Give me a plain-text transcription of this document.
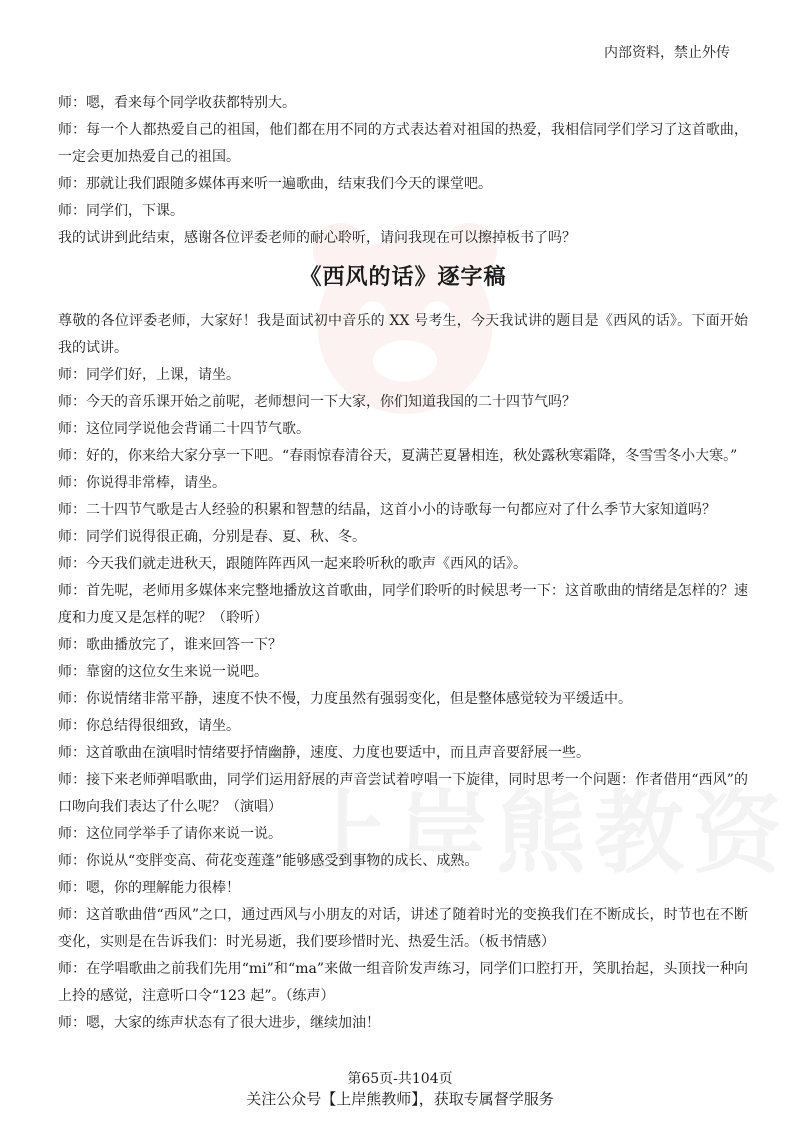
内部资料，禁止外传

师：嗯，看来每个同学收获都特别大。

师：每一个人都热爱自己的祖国，他们都在用不同的方式表达着对祖国的热爱，我相信同学们学习了这首歌曲，一定会更加热爱自己的祖国。

师：那就让我们跟随多媒体再来听一遍歌曲，结束我们今天的课堂吧。

师：同学们，下课。

我的试讲到此结束，感谢各位评委老师的耐心聆听，请问我现在可以擦掉板书了吗？

《西风的话》逐字稿

尊敬的各位评委老师，大家好！我是面试初中音乐的 XX 号考生，今天我试讲的题目是《西风的话》。下面开始我的试讲。

师：同学们好，上课，请坐。

师：今天的音乐课开始之前呢，老师想问一下大家，你们知道我国的二十四节气吗？

师：这位同学说他会背诵二十四节气歌。

师：好的，你来给大家分享一下吧。“春雨惊春清谷天，夏满芒夏暑相连，秋处露秋寒霜降，冬雪雪冬小大寒。”

师：你说得非常棒，请坐。

师：二十四节气歌是古人经验的积累和智慧的结晶，这首小小的诗歌每一句都应对了什么季节大家知道吗？

师：同学们说得很正确，分别是春、夏、秋、冬。

师：今天我们就走进秋天，跟随阵阵西风一起来聆听秋的歌声《西风的话》。

师：首先呢，老师用多媒体来完整地播放这首歌曲，同学们聆听的时候思考一下：这首歌曲的情绪是怎样的？速度和力度又是怎样的呢？（聆听）

师：歌曲播放完了，谁来回答一下？

师：靠窗的这位女生来说一说吧。

师：你说情绪非常平静，速度不快不慢，力度虽然有强弱变化，但是整体感觉较为平缓适中。

师：你总结得很细致，请坐。

师：这首歌曲在演唱时情绪要抒情幽静，速度、力度也要适中，而且声音要舒展一些。

师：接下来老师弹唱歌曲，同学们运用舒展的声音尝试着哼唱一下旋律，同时思考一个问题：作者借用“西风”的口吻向我们表达了什么呢？（演唱）

师：这位同学举手了请你来说一说。

师：你说从“变胖变高、荷花变莲蓬”能够感受到事物的成长、成熟。

师：嗯，你的理解能力很棒！

师：这首歌曲借“西风”之口，通过西风与小朋友的对话，讲述了随着时光的变换我们在不断成长，时节也在不断变化，实则是在告诉我们：时光易逝，我们要珍惜时光、热爱生活。（板书情感）

师：在学唱歌曲之前我们先用“mi”和“ma”来做一组音阶发声练习，同学们口腔打开，笑肌抬起，头顶找一种向上拎的感觉，注意听口令“123 起”。（练声）

师：嗯，大家的练声状态有了很大进步，继续加油！

第65页-共104页
关注公众号【上岸熊教师】，获取专属督学服务
